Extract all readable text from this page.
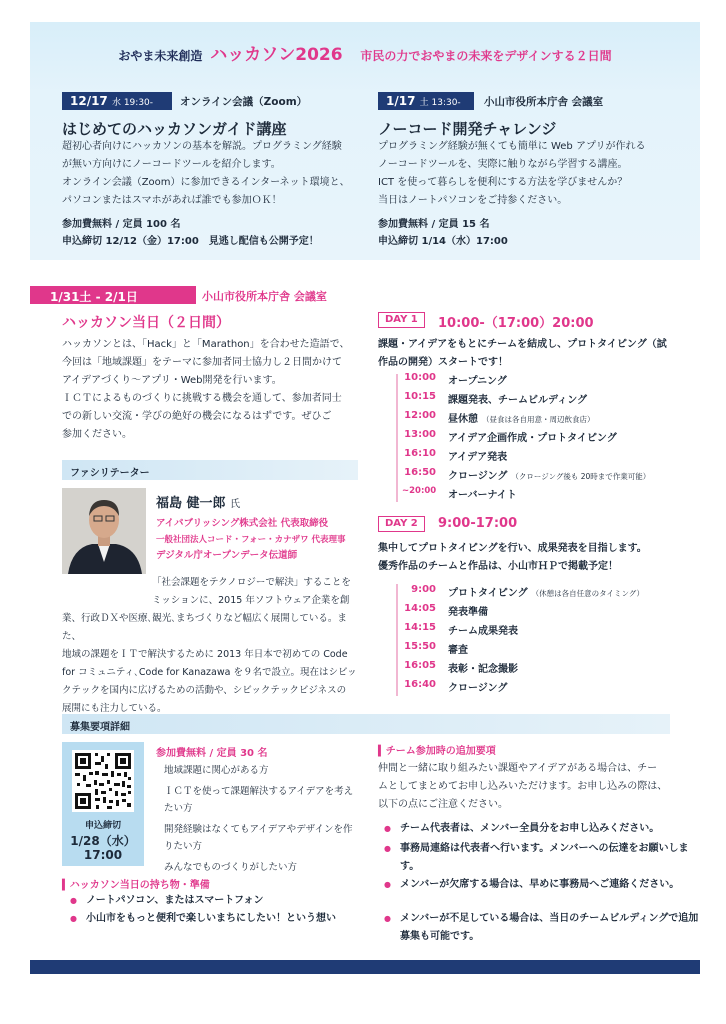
おやま未来創造 ハッカソン2026 市民の力でおやまの未来をデザインする２日間
12/17 水 19:30-	オンライン会議（Zoom）
はじめてのハッカソンガイド講座
超初心者向けにハッカソンの基本を解説。プログラミング経験
が無い方向けにノーコードツールを紹介します。
オンライン会議（Zoom）に参加できるインターネット環境と、
パソコンまたはスマホがあれば誰でも参加ＯＫ！
参加費無料 / 定員 100 名
申込締切 12/12（金）17:00　見逃し配信も公開予定！
1/17 土 13:30-	小山市役所本庁舎 会議室
ノーコード開発チャレンジ
プログラミング経験が無くても簡単に Web アプリが作れる
ノーコードツールを、実際に触りながら学習する講座。
ICT を使って暮らしを便利にする方法を学びませんか？
当日はノートパソコンをご持参ください。
参加費無料 / 定員 15 名
申込締切 1/14（水）17:00
1/31土 - 2/1日	小山市役所本庁舎 会議室
ハッカソン当日（２日間）
ハッカソンとは、「Hack」と「Marathon」を合わせた造語で、
今回は「地域課題」をテーマに参加者同士協力し２日間かけて
アイデアづくり～アプリ・Web開発を行います。
ＩＣＴによるものづくりに挑戦する機会を通して、参加者同士
での新しい交流・学びの絶好の機会になるはずです。ぜひご
参加ください。
ファシリテーター
福島 健一郎 氏
アイパブリッシング株式会社 代表取締役
一般社団法人コード・フォー・カナザワ 代表理事
デジタル庁オープンデータ伝道師
「社会課題をテクノロジーで解決」することを
ミッションに、2015 年ソフトウェア企業を創
業、行政ＤＸや医療､観光､まちづくりなど幅広く展開している。また、
地域の課題をＩＴで解決するために 2013 年日本で初めての Code
for コミュニティ､Code for Kanazawa を９名で設立。現在はシビッ
クテックを国内に広げるための活動や、シビックテックビジネスの
展開にも注力している。
DAY 1	10:00-（17:00）20:00
課題・アイデアをもとにチームを結成し、プロトタイピング（試
作品の開発）スタートです！
10:00 オープニング
10:15 課題発表、チームビルディング
12:00 昼休憩 （昼食は各自用意・周辺飲食店）
13:00 アイデア企画作成・プロトタイピング
16:10 アイデア発表
16:50 クロージング （クロージング後も 20時まで作業可能）
~20:00 オーバーナイト
DAY 2	9:00-17:00
集中してプロトタイピングを行い、成果発表を目指します。
優秀作品のチームと作品は、小山市ＨＰで掲載予定！
9:00 プロトタイピング （休憩は各自任意のタイミング）
14:05 発表準備
14:15 チーム成果発表
15:50 審査
16:05 表彰・記念撮影
16:40 クロージング
募集要項詳細
申込締切
1/28（水）
17:00
参加費無料 / 定員 30 名
地域課題に関心がある方
ＩＣＴを使って課題解決するアイデアを考えたい方
開発経験はなくてもアイデアやデザインを作りたい方
みんなでものづくりがしたい方
▍ハッカソン当日の持ち物・準備
● ノートパソコン、またはスマートフォン
● 小山市をもっと便利で楽しいまちにしたい！という想い
▍チーム参加時の追加要項
仲間と一緒に取り組みたい課題やアイデアがある場合は、チー
ムとしてまとめてお申し込みいただけます。お申し込みの際は、
以下の点にご注意ください。
● チーム代表者は、メンバー全員分をお申し込みください。
● 事務局連絡は代表者へ行います。メンバーへの伝達をお願いします。
● メンバーが欠席する場合は、早めに事務局へご連絡ください。
● メンバーが不足している場合は、当日のチームビルディングで追加募集も可能です。
